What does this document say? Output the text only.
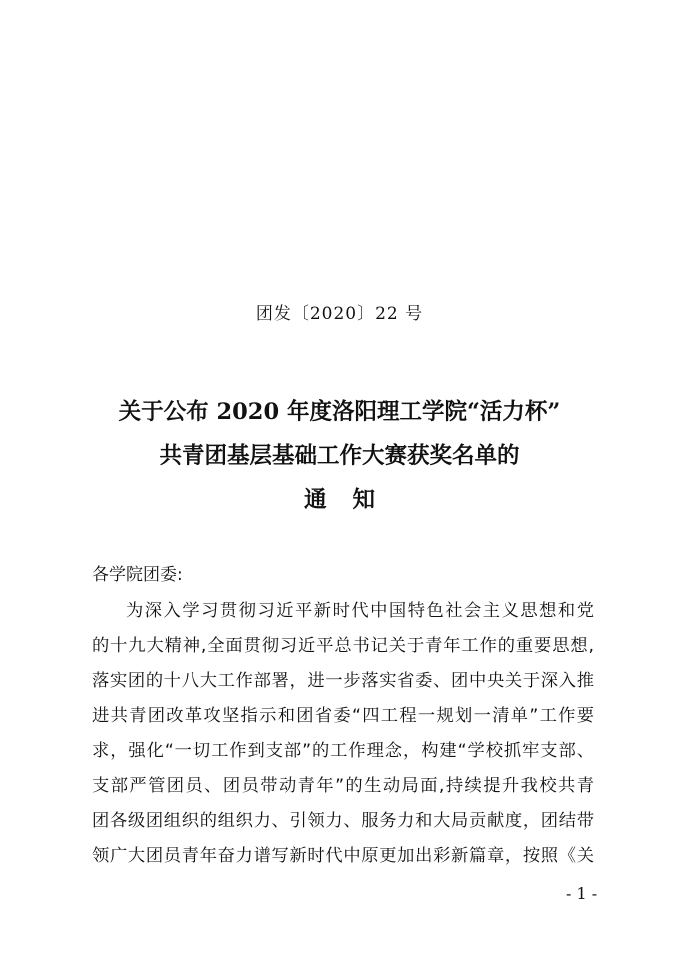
团发〔2020〕22 号
关于公布 2020 年度洛阳理工学院“活力杯”
共青团基层基础工作大赛获奖名单的
通 知
各学院团委:
为深入学习贯彻习近平新时代中国特色社会主义思想和党
的十九大精神,全面贯彻习近平总书记关于青年工作的重要思想,
落实团的十八大工作部署，进一步落实省委、团中央关于深入推
进共青团改革攻坚指示和团省委“四工程一规划一清单”工作要
求，强化“一切工作到支部”的工作理念，构建“学校抓牢支部、
支部严管团员、团员带动青年”的生动局面,持续提升我校共青
团各级团组织的组织力、引领力、服务力和大局贡献度，团结带
领广大团员青年奋力谱写新时代中原更加出彩新篇章，按照《关
- 1 -
